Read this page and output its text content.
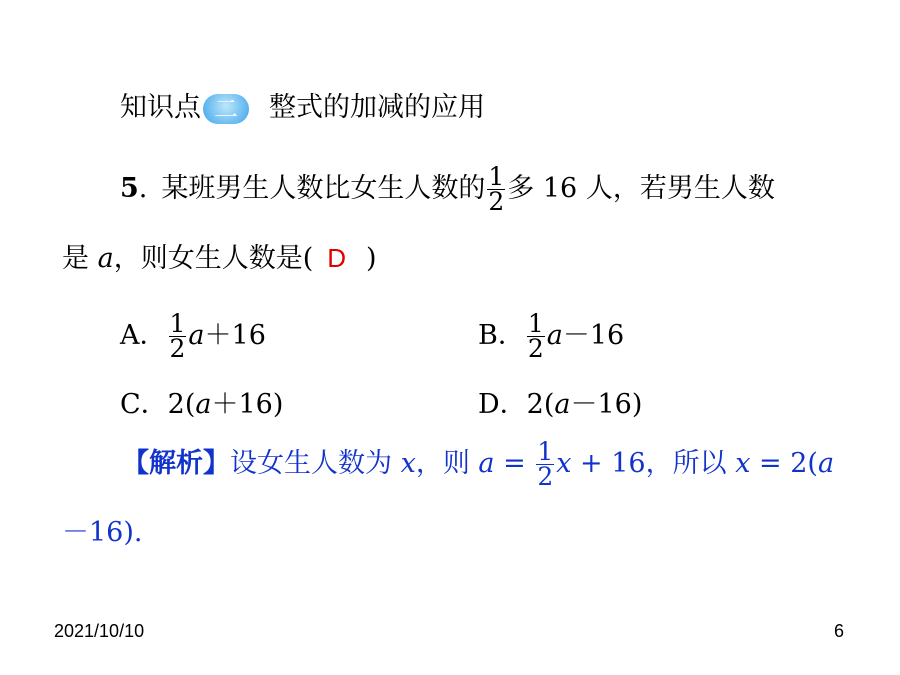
知识点 二 整式的加减的应用
5. 某班男生人数比女生人数的 $\frac{1}{2}$ 多 16 人，若男生人数
是 a，则女生人数是( D )
A． $\frac{1}{2} a+16$	B． $\frac{1}{2} a-16$
C．2(a＋16)	D．2(a－16)
【解析】设女生人数为 x，则 $a = \frac{1}{2}$ x + 16，所以 x = 2(a
－16).
2021/10/10	6
